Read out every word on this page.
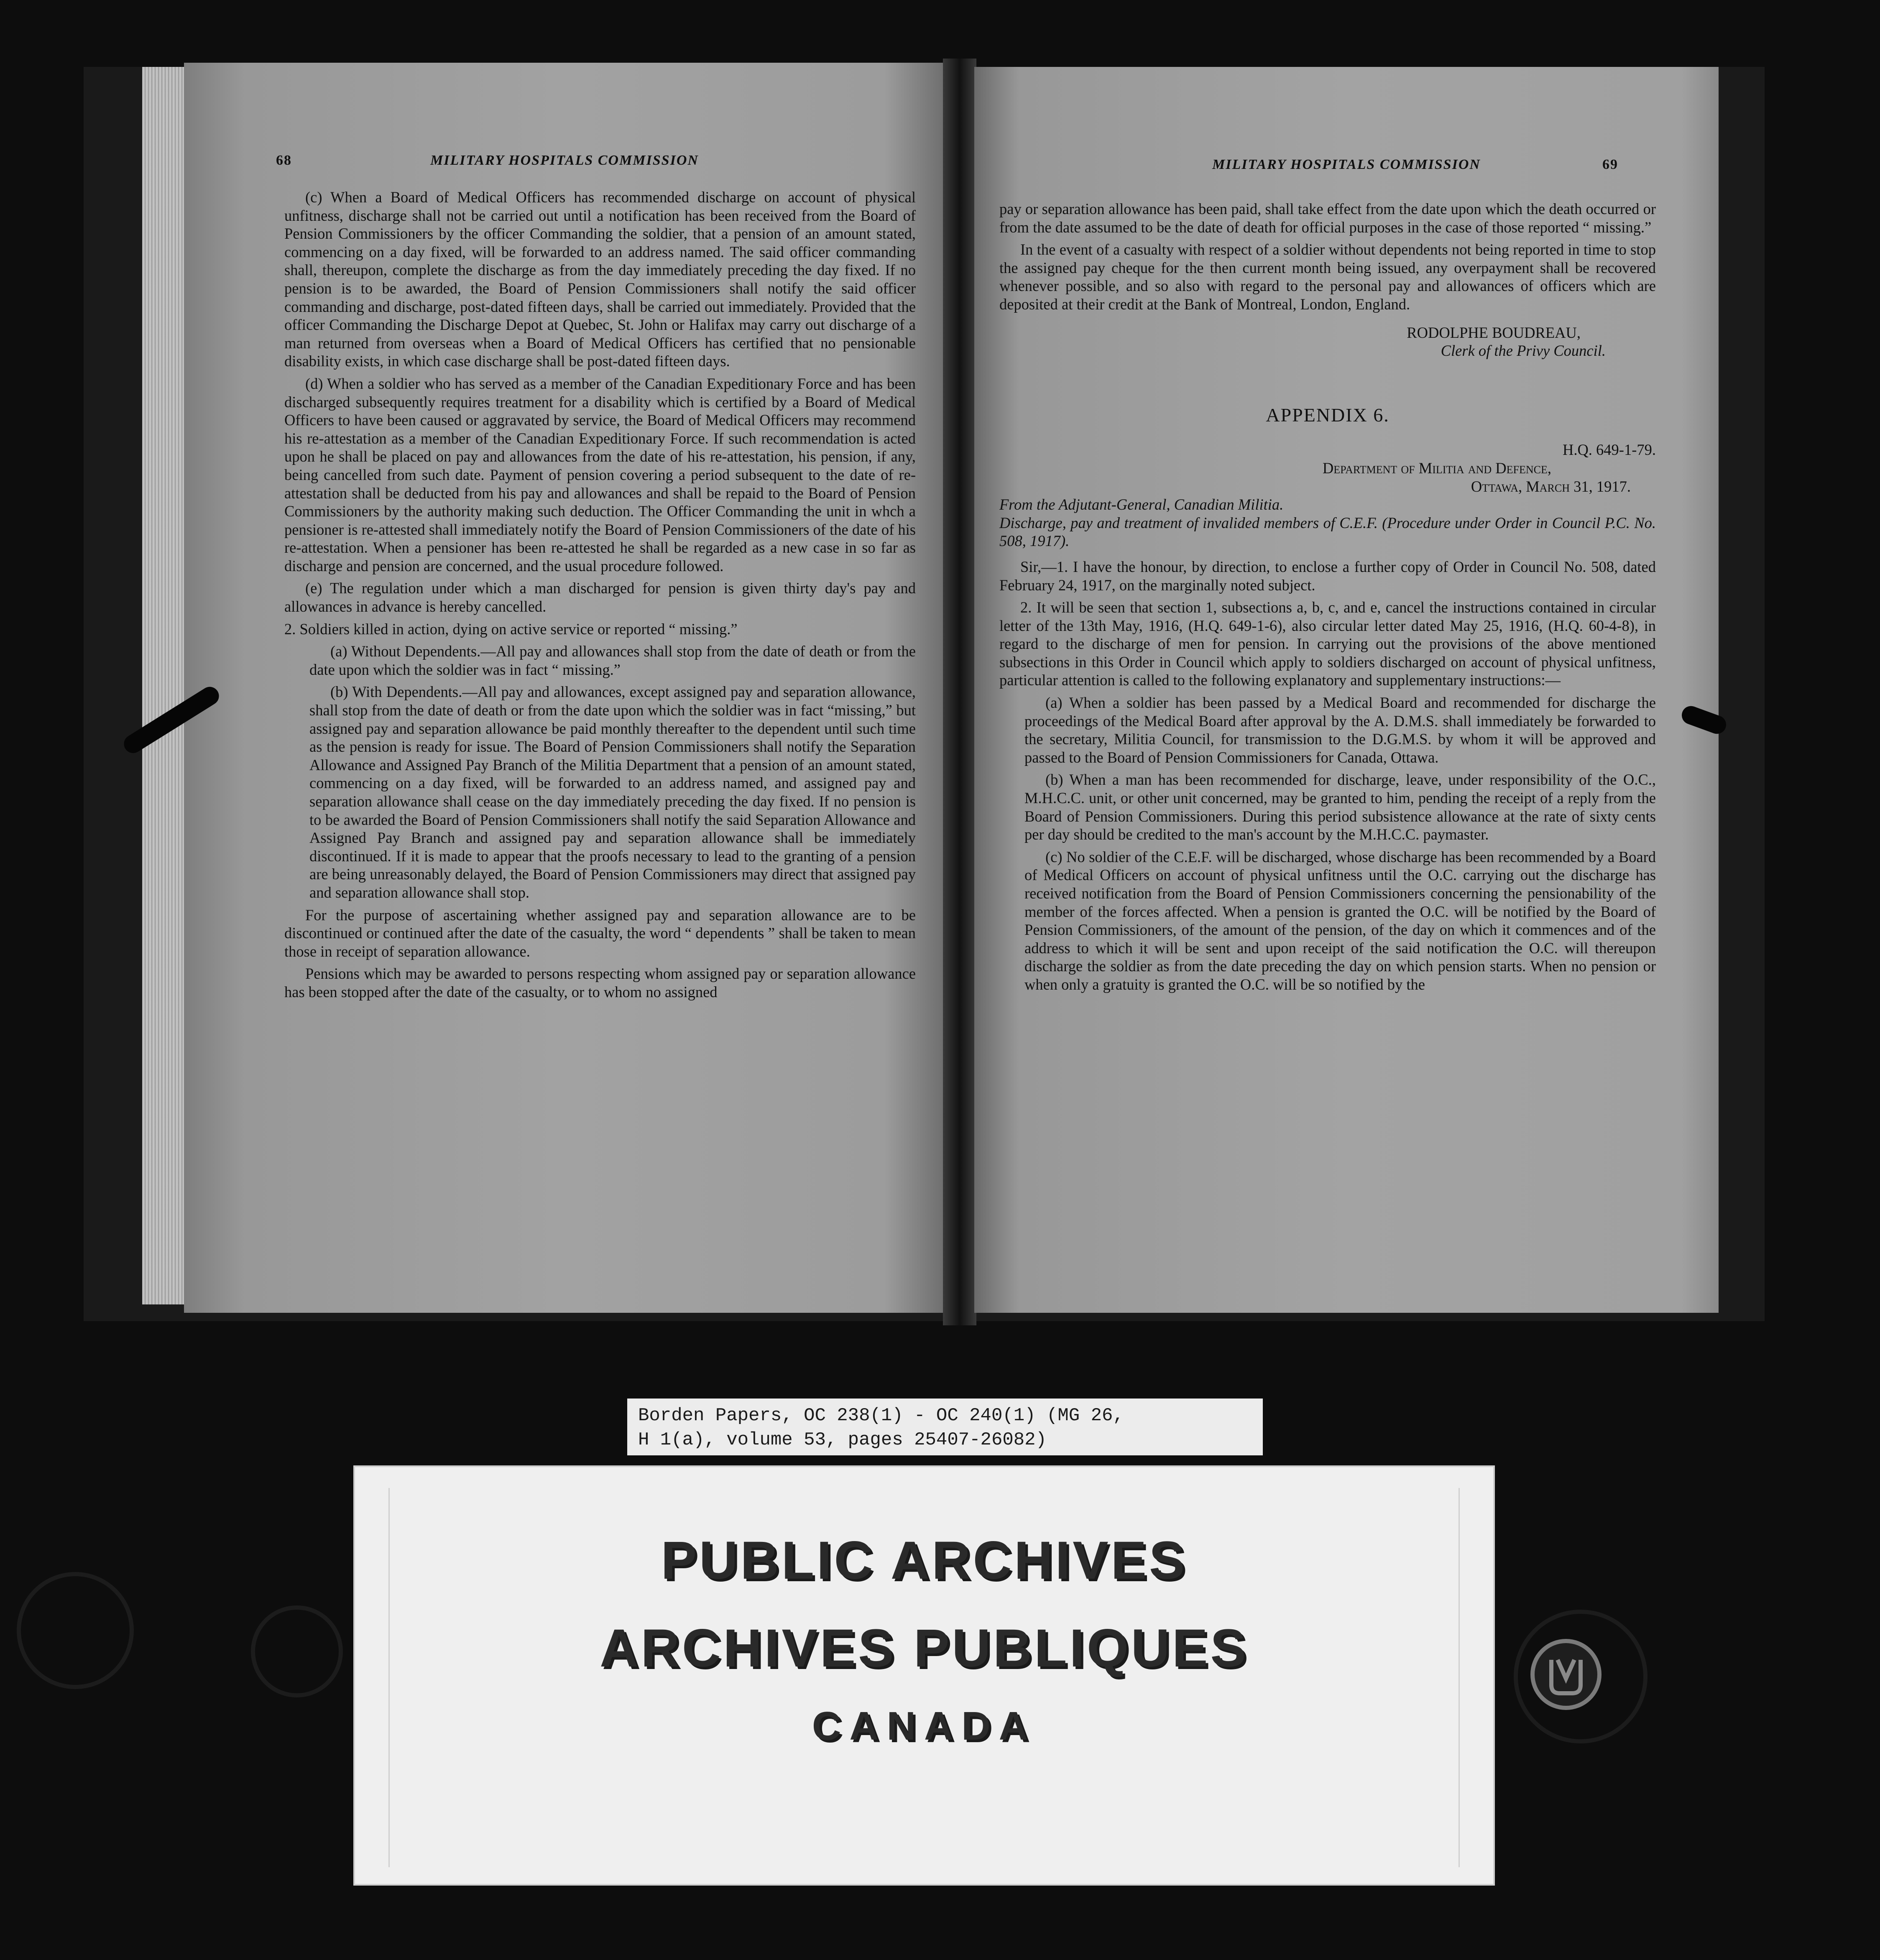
68	MILITARY HOSPITALS COMMISSION

(c) When a Board of Medical Officers has recommended discharge on account of physical unfitness, discharge shall not be carried out until a notification has been received from the Board of Pension Commissioners by the officer Commanding the soldier, that a pension of an amount stated, commencing on a day fixed, will be forwarded to an address named. The said officer commanding shall, thereupon, complete the discharge as from the day immediately preceding the day fixed. If no pension is to be awarded, the Board of Pension Commissioners shall notify the said officer commanding and discharge, post-dated fifteen days, shall be carried out immediately. Provided that the officer Commanding the Discharge Depot at Quebec, St. John or Halifax may carry out discharge of a man returned from overseas when a Board of Medical Officers has certified that no pensionable disability exists, in which case discharge shall be post-dated fifteen days.

(d) When a soldier who has served as a member of the Canadian Expeditionary Force and has been discharged subsequently requires treatment for a disability which is certified by a Board of Medical Officers to have been caused or aggravated by service, the Board of Medical Officers may recommend his re-attestation as a member of the Canadian Expeditionary Force. If such recommendation is acted upon he shall be placed on pay and allowances from the date of his re-attestation, his pension, if any, being cancelled from such date. Payment of pension covering a period subsequent to the date of re-attestation shall be deducted from his pay and allowances and shall be repaid to the Board of Pension Commissioners by the authority making such deduction. The Officer Commanding the unit in whch a pensioner is re-attested shall immediately notify the Board of Pension Commissioners of the date of his re-attestation. When a pensioner has been re-attested he shall be regarded as a new case in so far as discharge and pension are concerned, and the usual procedure followed.

(e) The regulation under which a man discharged for pension is given thirty day's pay and allowances in advance is hereby cancelled.

2. Soldiers killed in action, dying on active service or reported “ missing.”

(a) Without Dependents.—All pay and allowances shall stop from the date of death or from the date upon which the soldier was in fact “ missing.”

(b) With Dependents.—All pay and allowances, except assigned pay and separation allowance, shall stop from the date of death or from the date upon which the soldier was in fact “missing,” but assigned pay and separation allowance be paid monthly thereafter to the dependent until such time as the pension is ready for issue. The Board of Pension Commissioners shall notify the Separation Allowance and Assigned Pay Branch of the Militia Department that a pension of an amount stated, commencing on a day fixed, will be forwarded to an address named, and assigned pay and separation allowance shall cease on the day immediately preceding the day fixed. If no pension is to be awarded the Board of Pension Commissioners shall notify the said Separation Allowance and Assigned Pay Branch and assigned pay and separation allowance shall be immediately discontinued. If it is made to appear that the proofs necessary to lead to the granting of a pension are being unreasonably delayed, the Board of Pension Commissioners may direct that assigned pay and separation allowance shall stop.

For the purpose of ascertaining whether assigned pay and separation allowance are to be discontinued or continued after the date of the casualty, the word “ dependents ” shall be taken to mean those in receipt of separation allowance.

Pensions which may be awarded to persons respecting whom assigned pay or separation allowance has been stopped after the date of the casualty, or to whom no assigned

MILITARY HOSPITALS COMMISSION	69

pay or separation allowance has been paid, shall take effect from the date upon which the death occurred or from the date assumed to be the date of death for official purposes in the case of those reported “ missing.”

In the event of a casualty with respect of a soldier without dependents not being reported in time to stop the assigned pay cheque for the then current month being issued, any overpayment shall be recovered whenever possible, and so also with regard to the personal pay and allowances of officers which are deposited at their credit at the Bank of Montreal, London, England.

RODOLPHE BOUDREAU,
Clerk of the Privy Council.
APPENDIX 6.
H.Q. 649-1-79.
Department of Militia and Defence,
Ottawa, March 31, 1917.
From the Adjutant-General, Canadian Militia.
Discharge, pay and treatment of invalided members of C.E.F. (Procedure under Order in Council P.C. No. 508, 1917).

Sir,—1. I have the honour, by direction, to enclose a further copy of Order in Council No. 508, dated February 24, 1917, on the marginally noted subject.

2. It will be seen that section 1, subsections a, b, c, and e, cancel the instructions contained in circular letter of the 13th May, 1916, (H.Q. 649-1-6), also circular letter dated May 25, 1916, (H.Q. 60-4-8), in regard to the discharge of men for pension. In carrying out the provisions of the above mentioned subsections in this Order in Council which apply to soldiers discharged on account of physical unfitness, particular attention is called to the following explanatory and supplementary instructions:—

(a) When a soldier has been passed by a Medical Board and recommended for discharge the proceedings of the Medical Board after approval by the A. D.M.S. shall immediately be forwarded to the secretary, Militia Council, for transmission to the D.G.M.S. by whom it will be approved and passed to the Board of Pension Commissioners for Canada, Ottawa.

(b) When a man has been recommended for discharge, leave, under responsibility of the O.C., M.H.C.C. unit, or other unit concerned, may be granted to him, pending the receipt of a reply from the Board of Pension Commissioners. During this period subsistence allowance at the rate of sixty cents per day should be credited to the man's account by the M.H.C.C. paymaster.

(c) No soldier of the C.E.F. will be discharged, whose discharge has been recommended by a Board of Medical Officers on account of physical unfitness until the O.C. carrying out the discharge has received notification from the Board of Pension Commissioners concerning the pensionability of the member of the forces affected. When a pension is granted the O.C. will be notified by the Board of Pension Commissioners, of the amount of the pension, of the day on which it commences and of the address to which it will be sent and upon receipt of the said notification the O.C. will thereupon discharge the soldier as from the date preceding the day on which pension starts. When no pension or when only a gratuity is granted the O.C. will be so notified by the

Borden Papers, OC 238(1) - OC 240(1) (MG 26,
H 1(a), volume 53, pages 25407-26082)
PUBLIC ARCHIVES
ARCHIVES PUBLIQUES
CANADA
